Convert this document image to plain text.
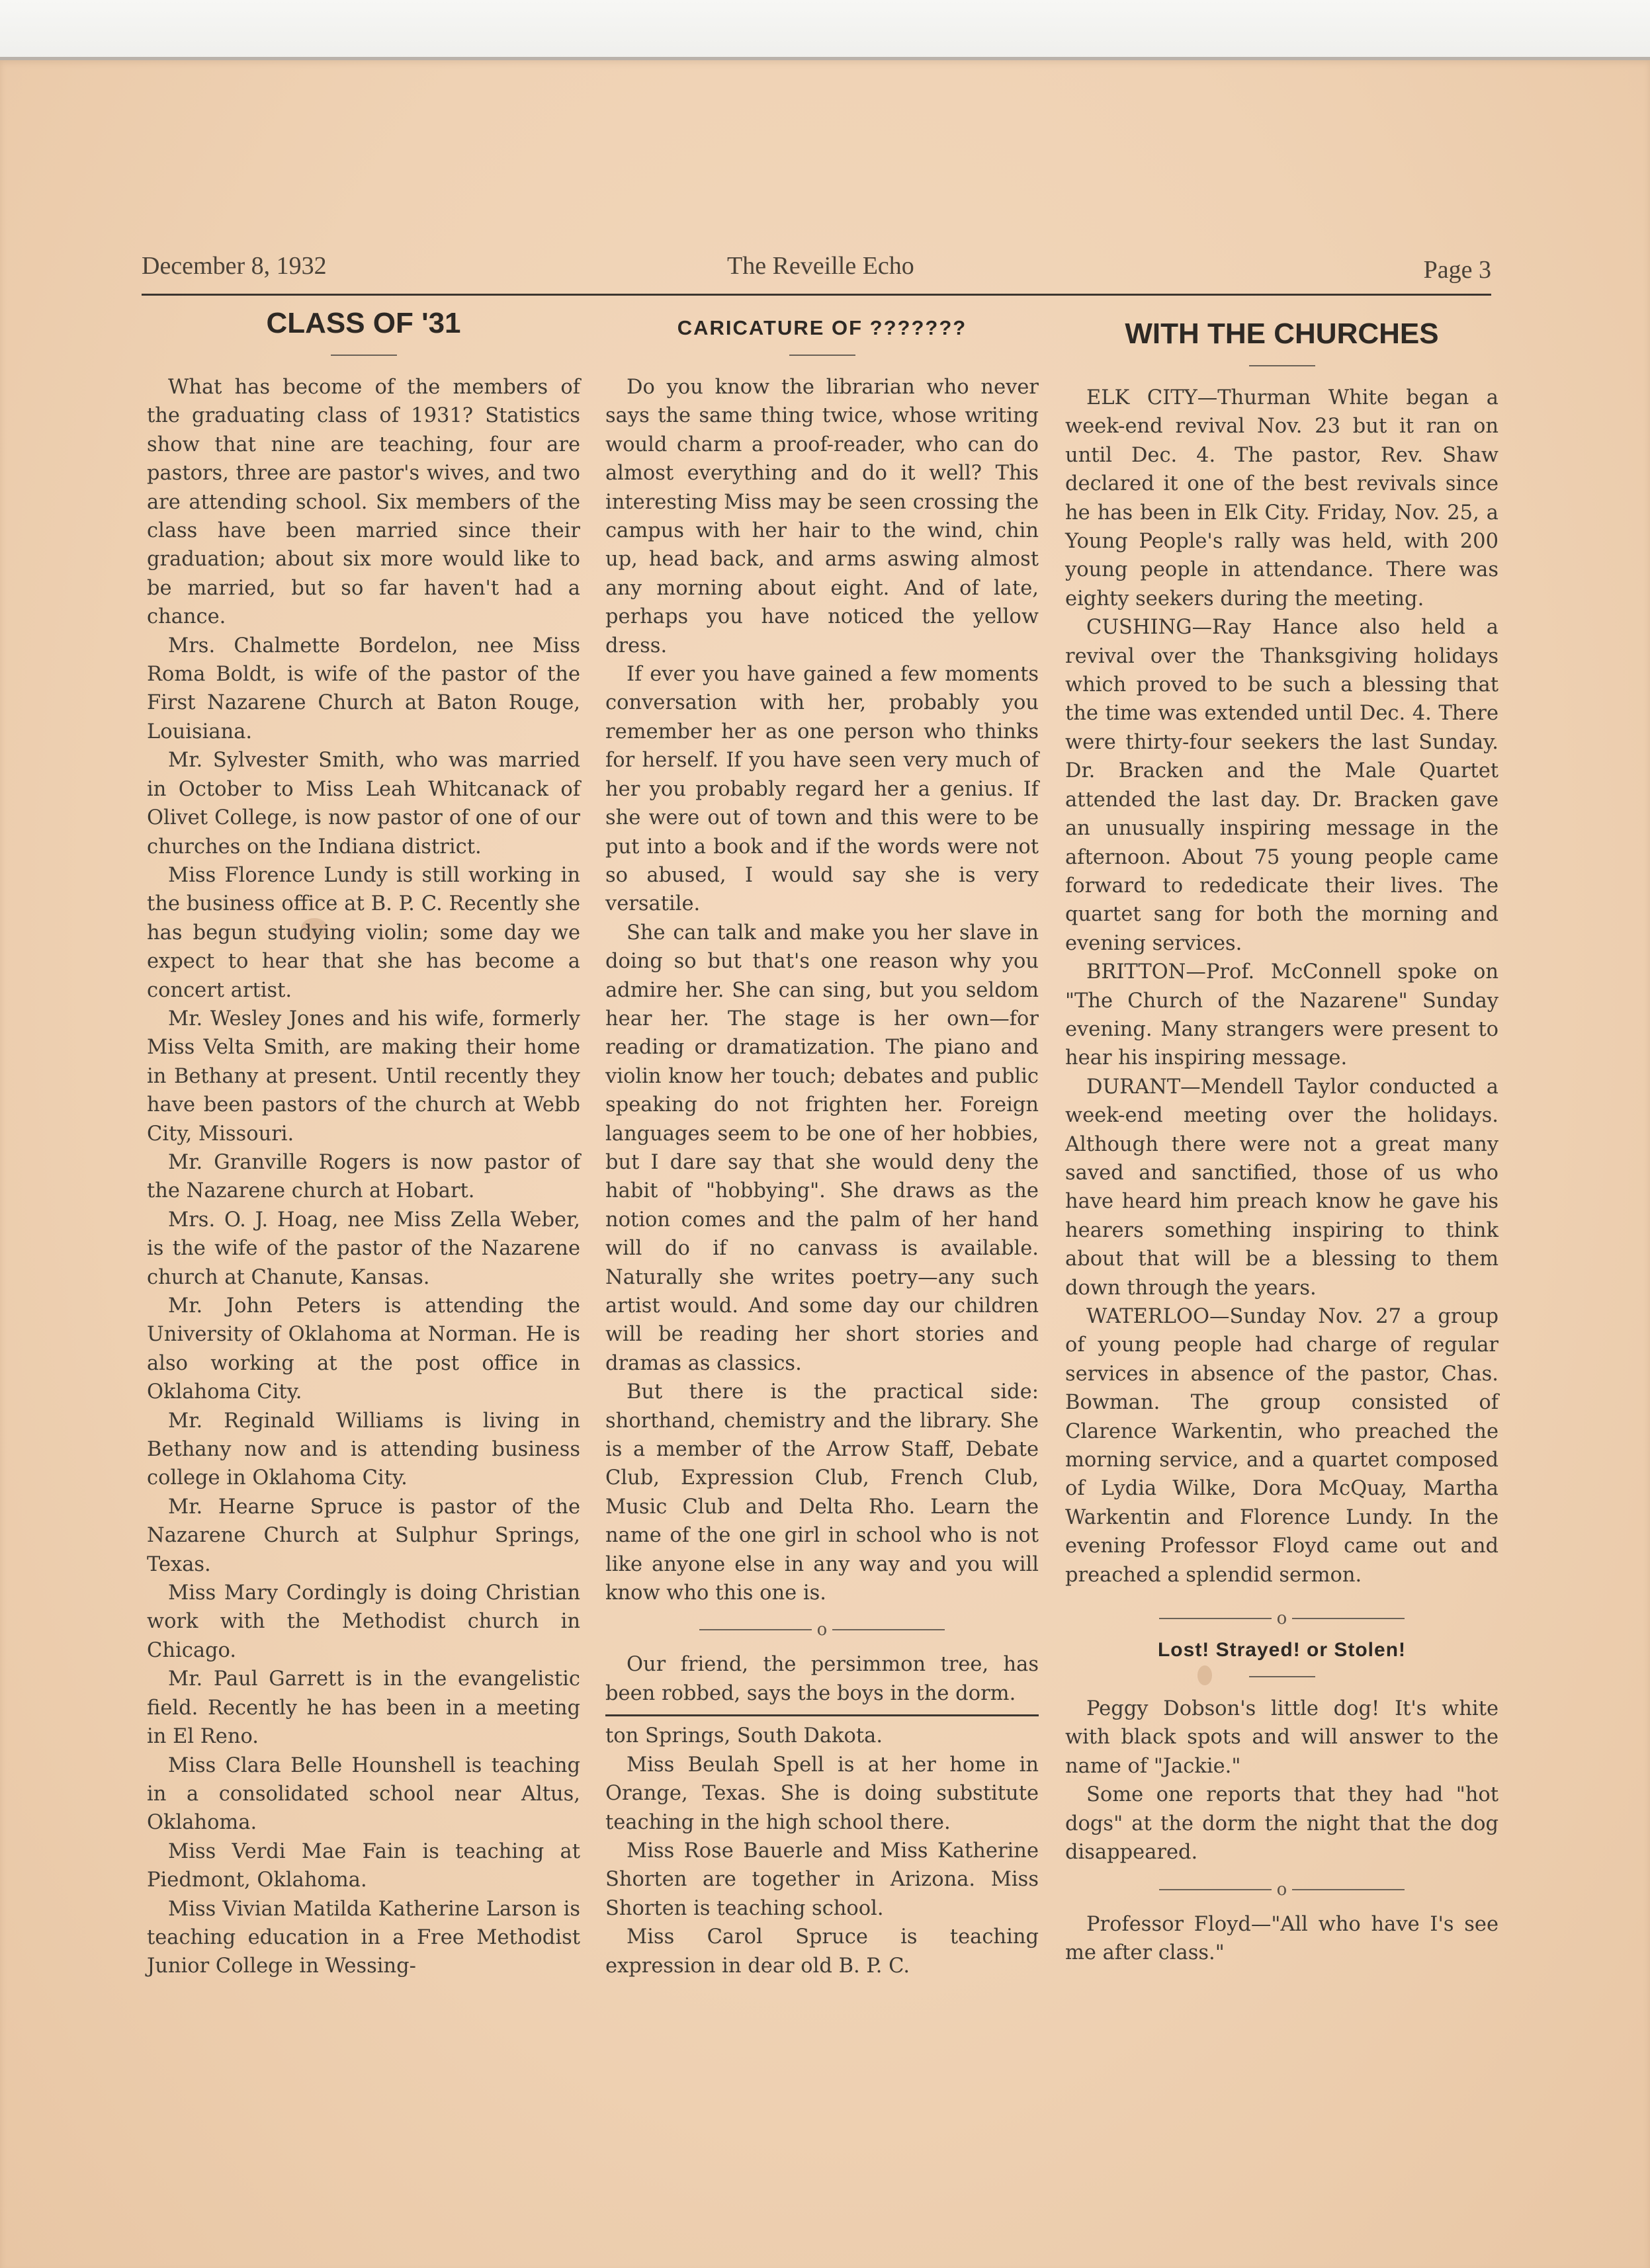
December 8, 1932	The Reveille Echo	Page 3
CLASS OF '31

What has become of the members of the graduating class of 1931? Statistics show that nine are teaching, four are pastors, three are pastor's wives, and two are attending school. Six members of the class have been married since their graduation; about six more would like to be married, but so far haven't had a chance.

Mrs. Chalmette Bordelon, nee Miss Roma Boldt, is wife of the pastor of the First Nazarene Church at Baton Rouge, Louisiana.

Mr. Sylvester Smith, who was married in October to Miss Leah Whitcanack of Olivet College, is now pastor of one of our churches on the Indiana district.

Miss Florence Lundy is still working in the business office at B. P. C. Recently she has begun studying violin; some day we expect to hear that she has become a concert artist.

Mr. Wesley Jones and his wife, formerly Miss Velta Smith, are making their home in Bethany at present. Until recently they have been pastors of the church at Webb City, Missouri.

Mr. Granville Rogers is now pastor of the Nazarene church at Hobart.

Mrs. O. J. Hoag, nee Miss Zella Weber, is the wife of the pastor of the Nazarene church at Chanute, Kansas.

Mr. John Peters is attending the University of Oklahoma at Norman. He is also working at the post office in Oklahoma City.

Mr. Reginald Williams is living in Bethany now and is attending business college in Oklahoma City.

Mr. Hearne Spruce is pastor of the Nazarene Church at Sulphur Springs, Texas.

Miss Mary Cordingly is doing Christian work with the Methodist church in Chicago.

Mr. Paul Garrett is in the evangelistic field. Recently he has been in a meeting in El Reno.

Miss Clara Belle Hounshell is teaching in a consolidated school near Altus, Oklahoma.

Miss Verdi Mae Fain is teaching at Piedmont, Oklahoma.

Miss Vivian Matilda Katherine Larson is teaching education in a Free Methodist Junior College in Wessing-

CARICATURE OF ???????

Do you know the librarian who never says the same thing twice, whose writing would charm a proof-reader, who can do almost everything and do it well? This interesting Miss may be seen crossing the campus with her hair to the wind, chin up, head back, and arms aswing almost any morning about eight. And of late, perhaps you have noticed the yellow dress.

If ever you have gained a few moments conversation with her, probably you remember her as one person who thinks for herself. If you have seen very much of her you probably regard her a genius. If she were out of town and this were to be put into a book and if the words were not so abused, I would say she is very versatile.

She can talk and make you her slave in doing so but that's one reason why you admire her. She can sing, but you seldom hear her. The stage is her own—for reading or dramatization. The piano and violin know her touch; debates and public speaking do not frighten her. Foreign languages seem to be one of her hobbies, but I dare say that she would deny the habit of "hobbying". She draws as the notion comes and the palm of her hand will do if no canvass is available. Naturally she writes poetry—any such artist would. And some day our children will be reading her short stories and dramas as classics.

But there is the practical side: shorthand, chemistry and the library. She is a member of the Arrow Staff, Debate Club, Expression Club, French Club, Music Club and Delta Rho. Learn the name of the one girl in school who is not like anyone else in any way and you will know who this one is.

o

Our friend, the persimmon tree, has been robbed, says the boys in the dorm.

ton Springs, South Dakota.

Miss Beulah Spell is at her home in Orange, Texas. She is doing substitute teaching in the high school there.

Miss Rose Bauerle and Miss Katherine Shorten are together in Arizona. Miss Shorten is teaching school.

Miss Carol Spruce is teaching expression in dear old B. P. C.

WITH THE CHURCHES

ELK CITY—Thurman White began a week-end revival Nov. 23 but it ran on until Dec. 4. The pastor, Rev. Shaw declared it one of the best revivals since he has been in Elk City. Friday, Nov. 25, a Young People's rally was held, with 200 young people in attendance. There was eighty seekers during the meeting.

CUSHING—Ray Hance also held a revival over the Thanksgiving holidays which proved to be such a blessing that the time was extended until Dec. 4. There were thirty-four seekers the last Sunday. Dr. Bracken and the Male Quartet attended the last day. Dr. Bracken gave an unusually inspiring message in the afternoon. About 75 young people came forward to rededicate their lives. The quartet sang for both the morning and evening services.

BRITTON—Prof. McConnell spoke on "The Church of the Nazarene" Sunday evening. Many strangers were present to hear his inspiring message.

DURANT—Mendell Taylor conducted a week-end meeting over the holidays. Although there were not a great many saved and sanctified, those of us who have heard him preach know he gave his hearers something inspiring to think about that will be a blessing to them down through the years.

WATERLOO—Sunday Nov. 27 a group of young people had charge of regular services in absence of the pastor, Chas. Bowman. The group consisted of Clarence Warkentin, who preached the morning service, and a quartet composed of Lydia Wilke, Dora McQuay, Martha Warkentin and Florence Lundy. In the evening Professor Floyd came out and preached a splendid sermon.

o
Lost! Strayed! or Stolen!

Peggy Dobson's little dog! It's white with black spots and will answer to the name of "Jackie."

Some one reports that they had "hot dogs" at the dorm the night that the dog disappeared.

o

Professor Floyd—"All who have I's see me after class."
